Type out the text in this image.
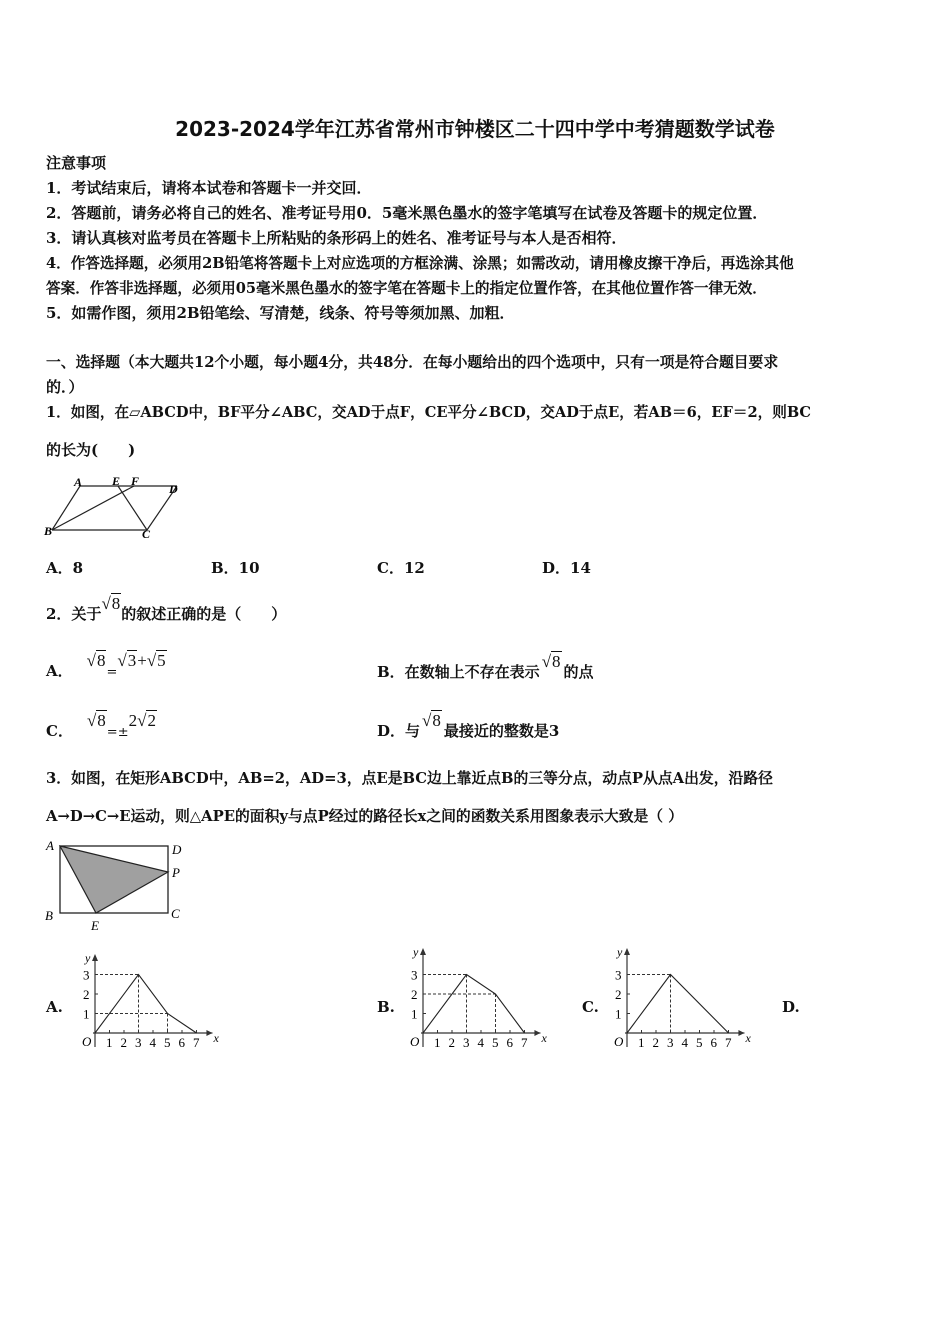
2023-2024学年江苏省常州市钟楼区二十四中学中考猜题数学试卷
注意事项
1．考试结束后，请将本试卷和答题卡一并交回．
2．答题前，请务必将自己的姓名、准考证号用0．5毫米黑色墨水的签字笔填写在试卷及答题卡的规定位置．
3．请认真核对监考员在答题卡上所粘贴的条形码上的姓名、准考证号与本人是否相符．
4．作答选择题，必须用2B铅笔将答题卡上对应选项的方框涂满、涂黑；如需改动，请用橡皮擦干净后，再选涂其他
答案．作答非选择题，必须用05毫米黑色墨水的签字笔在答题卡上的指定位置作答，在其他位置作答一律无效．
5．如需作图，须用2B铅笔绘、写清楚，线条、符号等须加黑、加粗．
一、选择题（本大题共12个小题，每小题4分，共48分．在每小题给出的四个选项中，只有一项是符合题目要求
的．）
1．如图，在▱ABCD中，BF平分∠ABC，交AD于点F，CE平分∠BCD，交AD于点E，若AB＝6，EF＝2，则BC
的长为(　　)
A E F
D
B	C
A．8	B．10	C．12	D．14
2．关于√8的叙述正确的是（　　）
A．√8=√3+√5
B．在数轴上不存在表示√8的点
C．√8=±2√2
D．与√8最接近的整数是3
3．如图，在矩形ABCD中，AB=2，AD=3，点E是BC边上靠近点B的三等分点，动点P从点A出发，沿路径
A→D→C→E运动，则△APE的面积y与点P经过的路径长x之间的函数关系用图象表示大致是（ ）
A	D
P
B	C
E
A.	B.	C.	D.
O	x
y
1 2 3 4 5 6 7
1
2
3
O	x
y
1 2 3 4 5 6 7
1
2
3
O	x
y
1 2 3 4 5 6 7
1
2
3
